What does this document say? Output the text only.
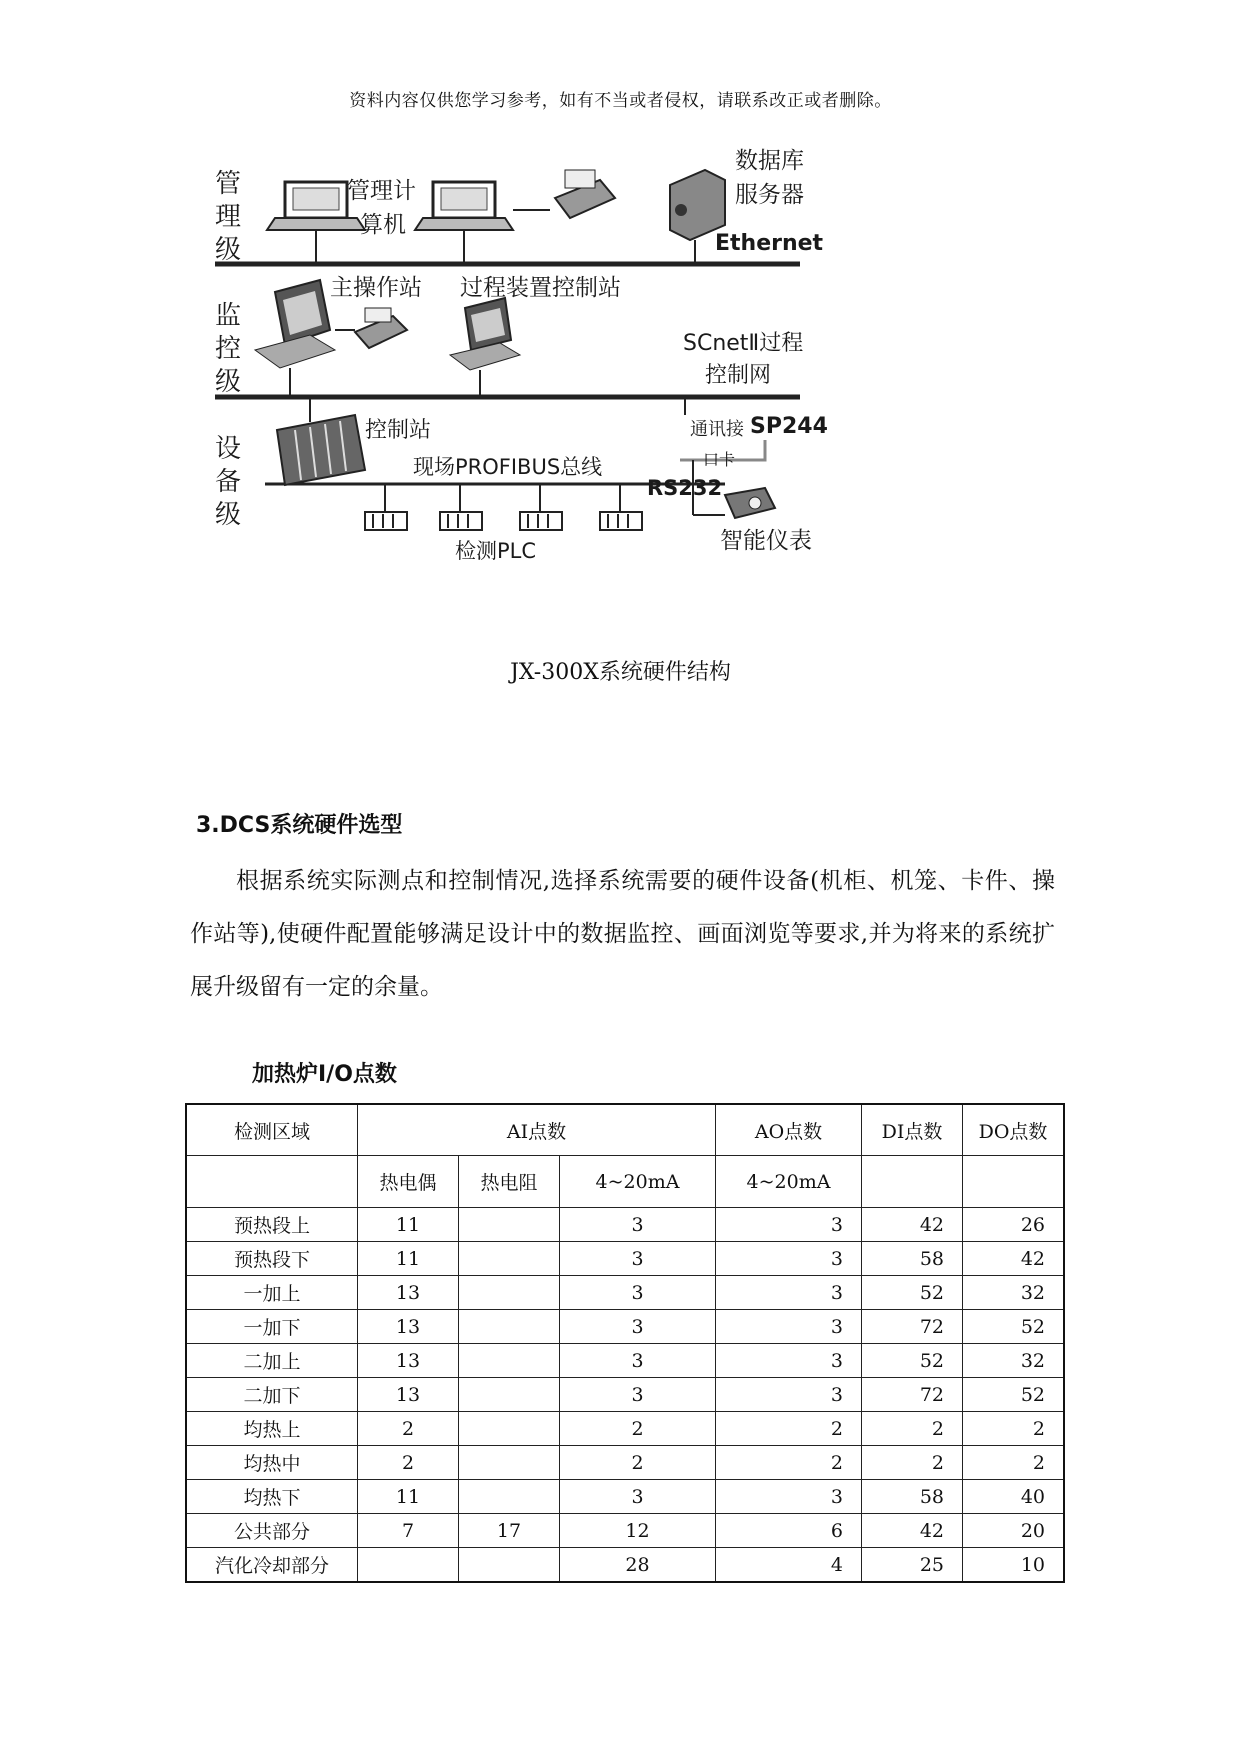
资料内容仅供您学习参考，如有不当或者侵权，请联系改正或者删除。
管理级
监控级
设备级
管理计
算机
数据库
服务器
Ethernet
主操作站 过程装置控制站
SCnetⅡ过程
控制网
控制站	通讯接 SP244
口卡
现场PROFIBUS总线
RS232
检测PLC	智能仪表
JX-300X系统硬件结构
3.DCS系统硬件选型
根据系统实际测点和控制情况,选择系统需要的硬件设备(机柜、机笼、卡件、操作站等),使硬件配置能够满足设计中的数据监控、画面浏览等要求,并为将来的系统扩展升级留有一定的余量。
加热炉I/O点数
检测区域	AI点数			AO点数	DI点数	DO点数
	热电偶	热电阻	4~20mA	4~20mA		
预热段上	11		3	3	42	26
预热段下	11		3	3	58	42
一加上	13		3	3	52	32
一加下	13		3	3	72	52
二加上	13		3	3	52	32
二加下	13		3	3	72	52
均热上	2		2	2	2	2
均热中	2		2	2	2	2
均热下	11		3	3	58	40
公共部分	7	17	12	6	42	20
汽化冷却部分			28	4	25	10
